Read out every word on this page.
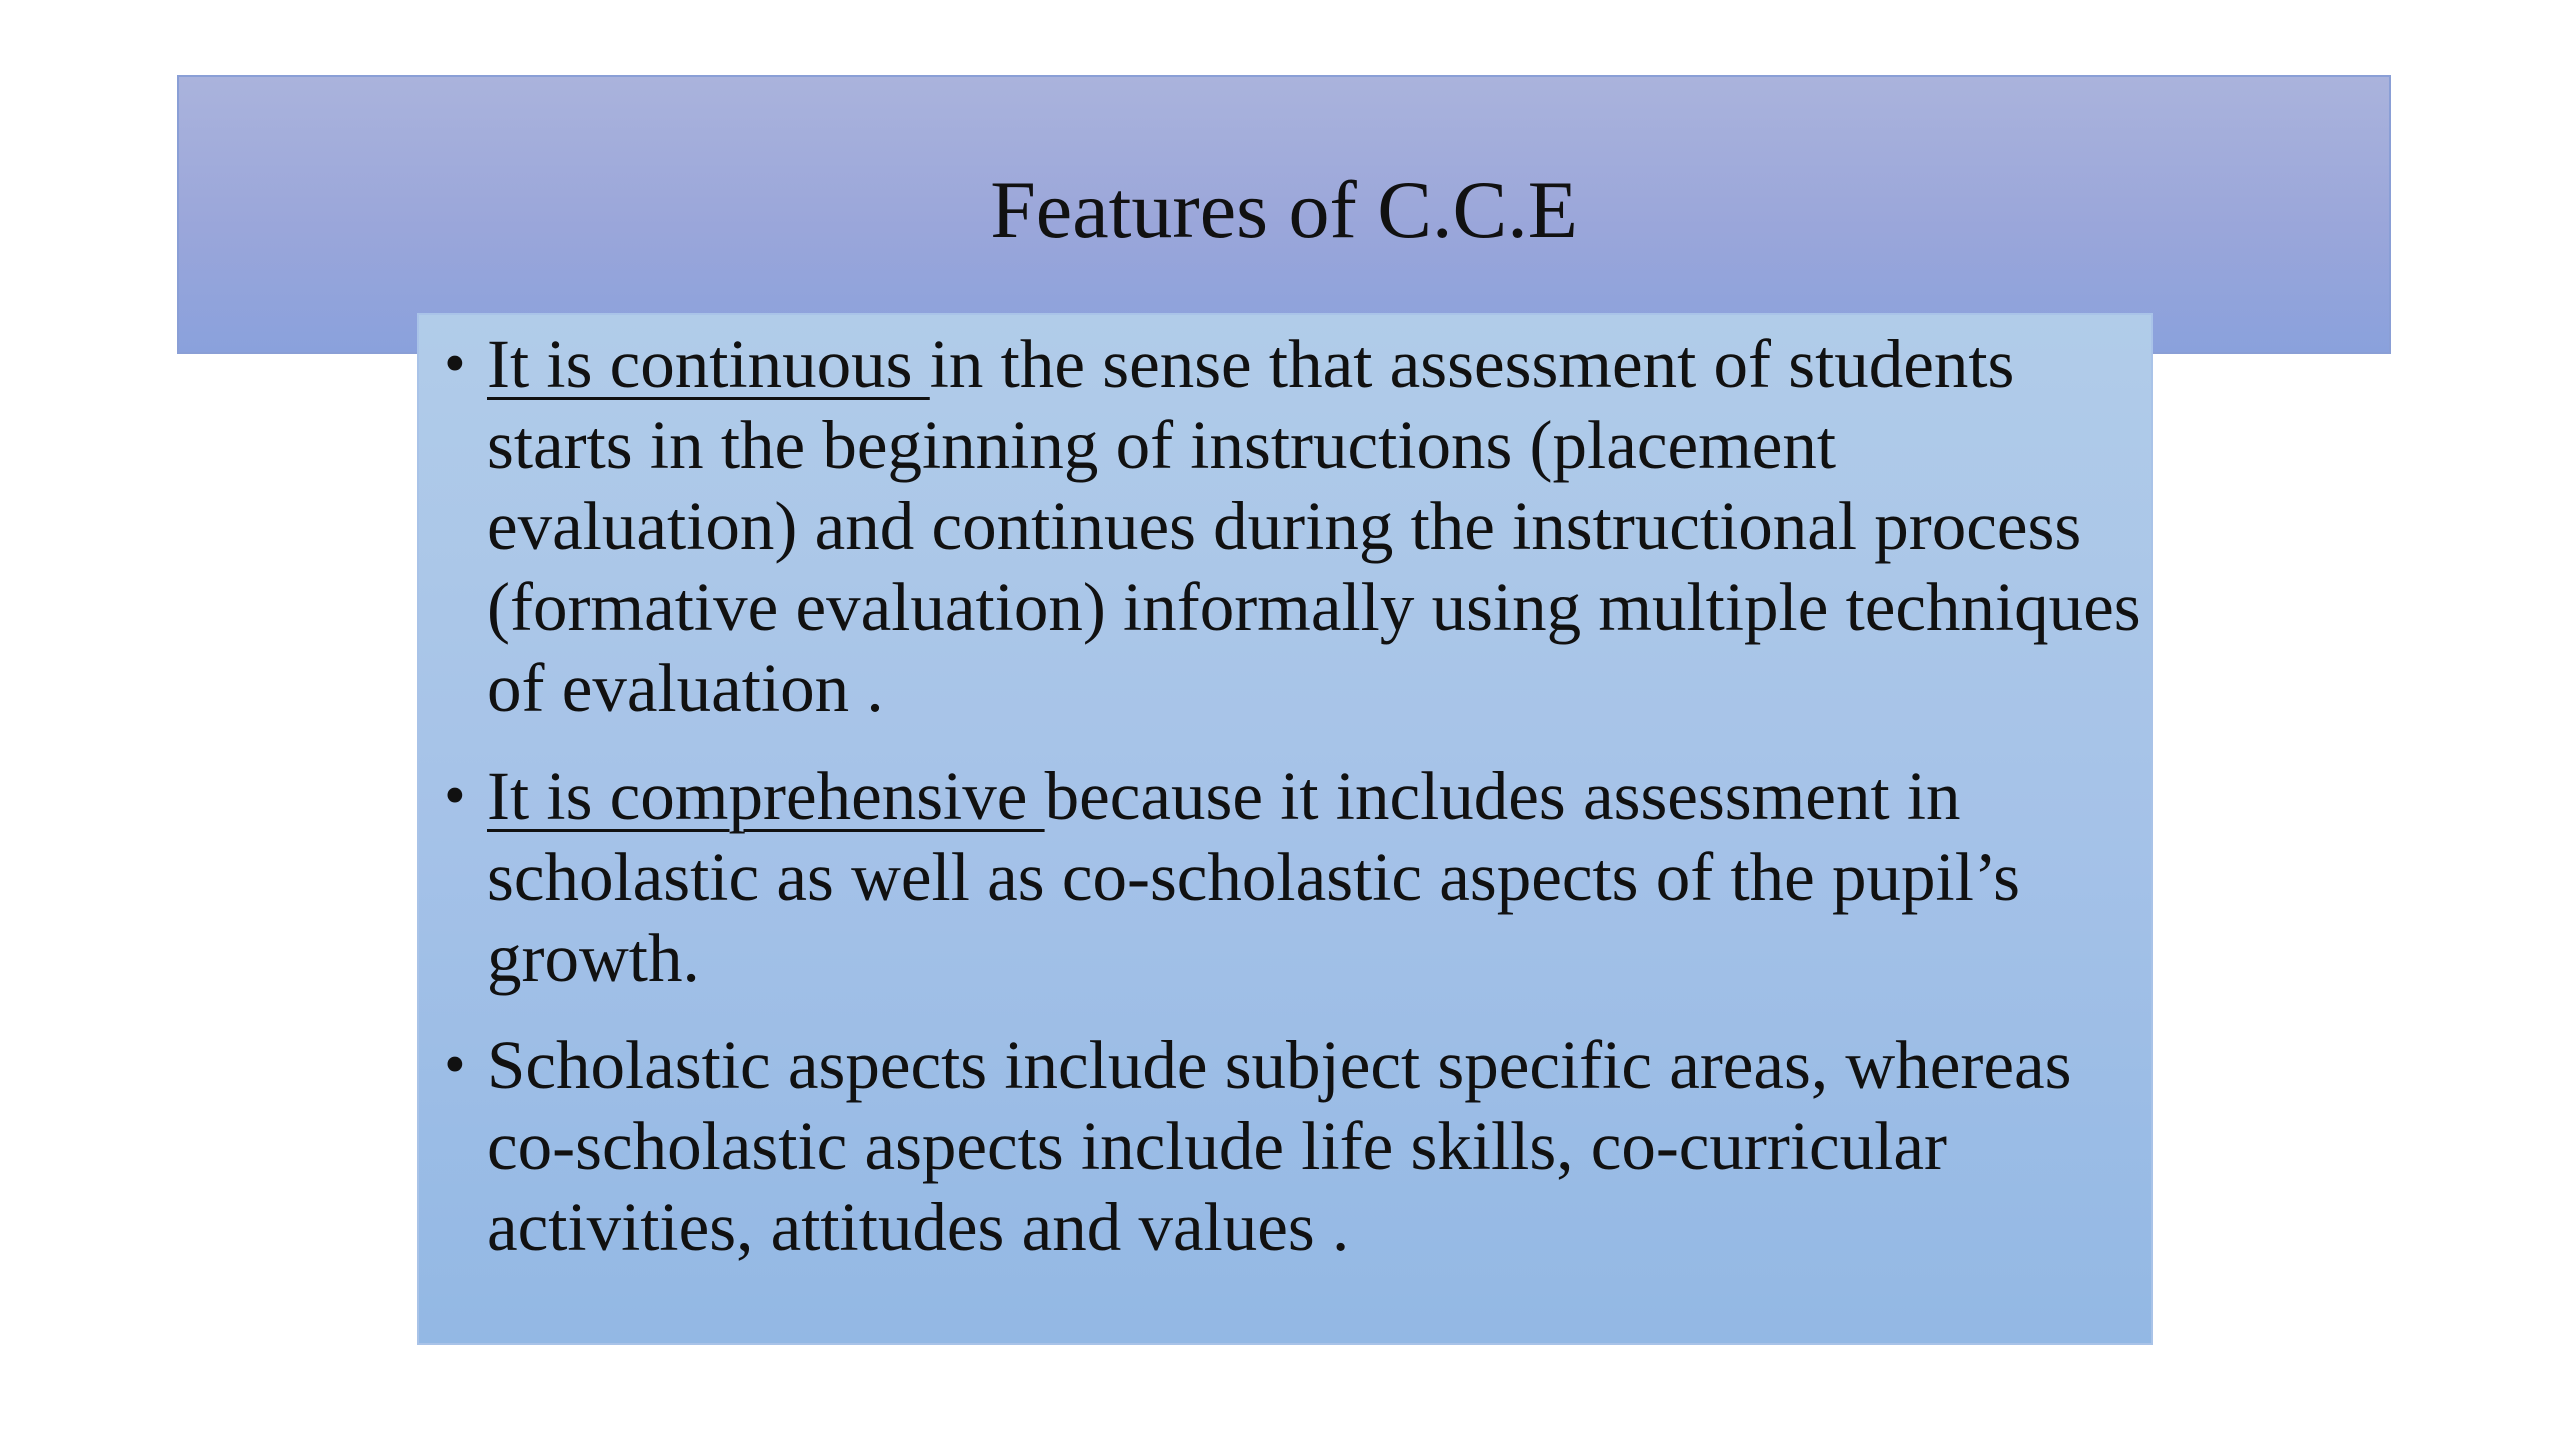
Features of C.C.E
• It is continuous in the sense that assessment of students starts in the beginning of instructions (placement evaluation) and continues during the instructional process (formative evaluation) informally using multiple techniques of evaluation .
• It is comprehensive because it includes assessment in scholastic as well as co-scholastic aspects of the pupil’s growth.
• Scholastic aspects include subject specific areas, whereas co-scholastic aspects include life skills, co-curricular activities, attitudes and values .
